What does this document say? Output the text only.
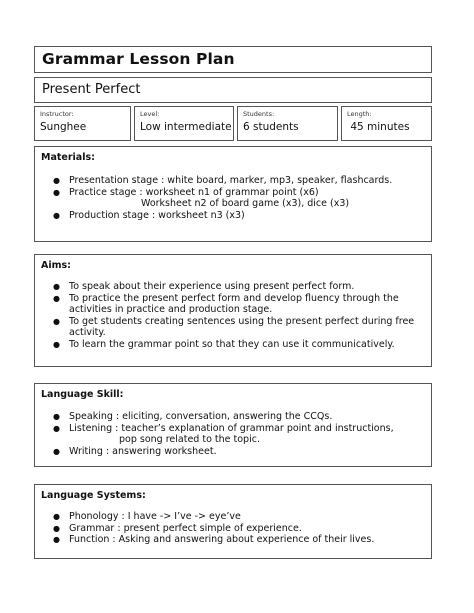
Grammar Lesson Plan
Present Perfect
Instructor:
Sunghee
Level:
Low intermediate
Students:
6 students
Length:
45 minutes
Materials:
● Presentation stage : white board, marker, mp3, speaker, flashcards.
● Practice stage : worksheet n1 of grammar point (x6)
Worksheet n2 of board game (x3), dice (x3)
● Production stage : worksheet n3 (x3)
Aims:
● To speak about their experience using present perfect form.
● To practice the present perfect form and develop fluency through the
activities in practice and production stage.
● To get students creating sentences using the present perfect during free
activity.
● To learn the grammar point so that they can use it communicatively.
Language Skill:
● Speaking : eliciting, conversation, answering the CCQs.
● Listening : teacher’s explanation of grammar point and instructions,
pop song related to the topic.
● Writing : answering worksheet.
Language Systems:
● Phonology : I have -> I’ve -> eye’ve
● Grammar : present perfect simple of experience.
● Function : Asking and answering about experience of their lives.
